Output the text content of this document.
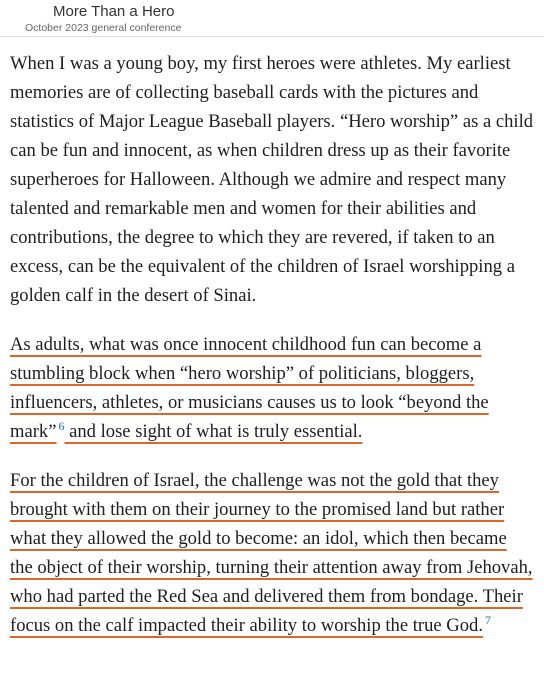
More Than a Hero
October 2023 general conference

When I was a young boy, my first heroes were athletes. My earliest memories are of collecting baseball cards with the pictures and statistics of Major League Baseball players. “Hero worship” as a child can be fun and innocent, as when children dress up as their favorite superheroes for Halloween. Although we admire and respect many talented and remarkable men and women for their abilities and contributions, the degree to which they are revered, if taken to an excess, can be the equivalent of the children of Israel worshipping a golden calf in the desert of Sinai.

As adults, what was once innocent childhood fun can become a stumbling block when “hero worship” of politicians, bloggers, influencers, athletes, or musicians causes us to look “beyond the mark” $^6$ and lose sight of what is truly essential.

For the children of Israel, the challenge was not the gold that they brought with them on their journey to the promised land but rather what they allowed the gold to become: an idol, which then became the object of their worship, turning their attention away from Jehovah, who had parted the Red Sea and delivered them from bondage. Their focus on the calf impacted their ability to worship the true God. $^7$
